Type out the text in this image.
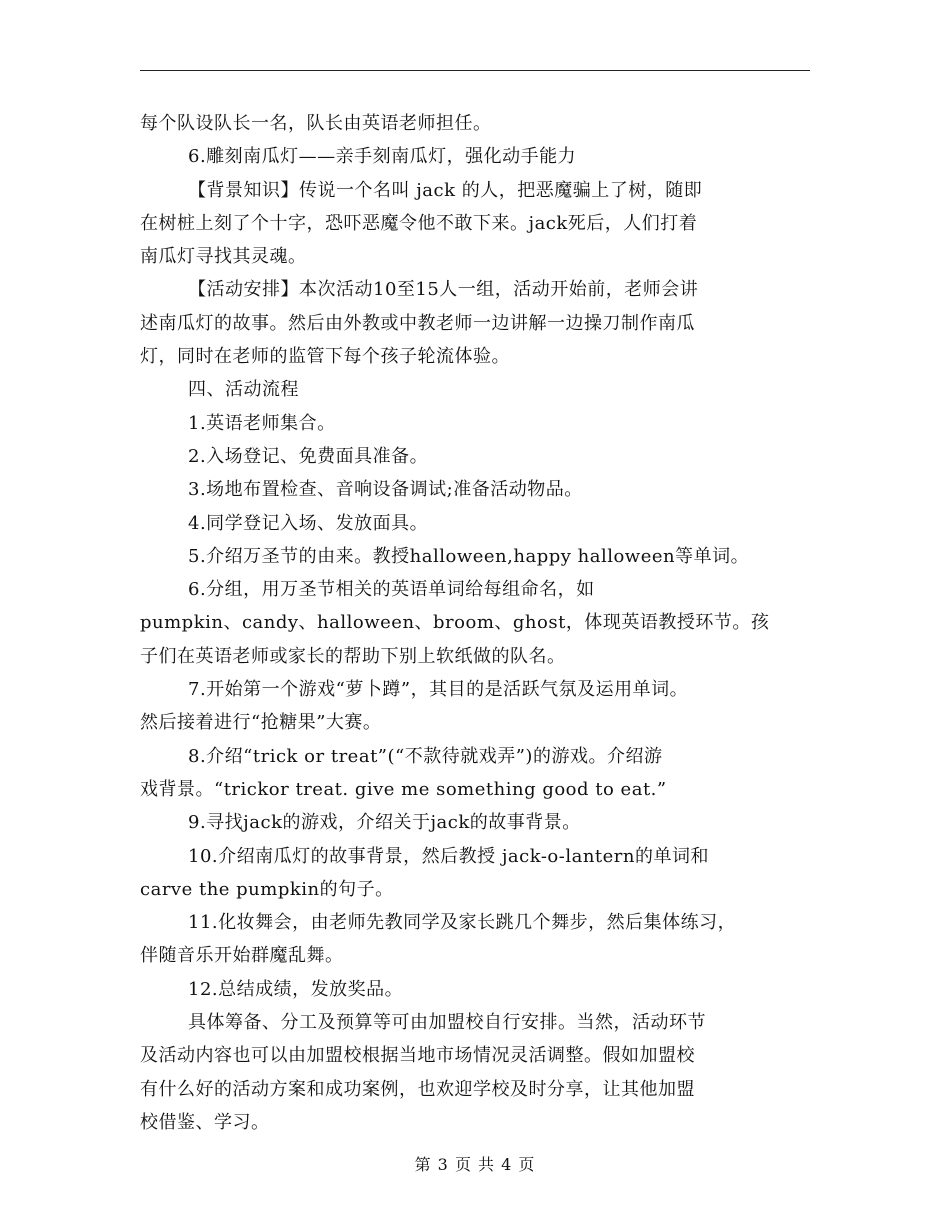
每个队设队长一名，队长由英语老师担任。
6.雕刻南瓜灯——亲手刻南瓜灯，强化动手能力
【背景知识】传说一个名叫 jack 的人，把恶魔骗上了树，随即
在树桩上刻了个十字，恐吓恶魔令他不敢下来。jack死后，人们打着
南瓜灯寻找其灵魂。
【活动安排】本次活动10至15人一组，活动开始前，老师会讲
述南瓜灯的故事。然后由外教或中教老师一边讲解一边操刀制作南瓜
灯，同时在老师的监管下每个孩子轮流体验。
四、活动流程
1.英语老师集合。
2.入场登记、免费面具准备。
3.场地布置检查、音响设备调试;准备活动物品。
4.同学登记入场、发放面具。
5.介绍万圣节的由来。教授halloween,happy halloween等单词。
6.分组，用万圣节相关的英语单词给每组命名，如
pumpkin、candy、halloween、broom、ghost，体现英语教授环节。孩
子们在英语老师或家长的帮助下别上软纸做的队名。
7.开始第一个游戏“萝卜蹲”，其目的是活跃气氛及运用单词。
然后接着进行“抢糖果”大赛。
8.介绍“trick or treat”(“不款待就戏弄”)的游戏。介绍游
戏背景。“trickor treat. give me something good to eat.”
9.寻找jack的游戏，介绍关于jack的故事背景。
10.介绍南瓜灯的故事背景，然后教授 jack-o-lantern的单词和
carve the pumpkin的句子。
11.化妆舞会，由老师先教同学及家长跳几个舞步，然后集体练习，
伴随音乐开始群魔乱舞。
12.总结成绩，发放奖品。
具体筹备、分工及预算等可由加盟校自行安排。当然，活动环节
及活动内容也可以由加盟校根据当地市场情况灵活调整。假如加盟校
有什么好的活动方案和成功案例，也欢迎学校及时分享，让其他加盟
校借鉴、学习。
第 3 页 共 4 页
